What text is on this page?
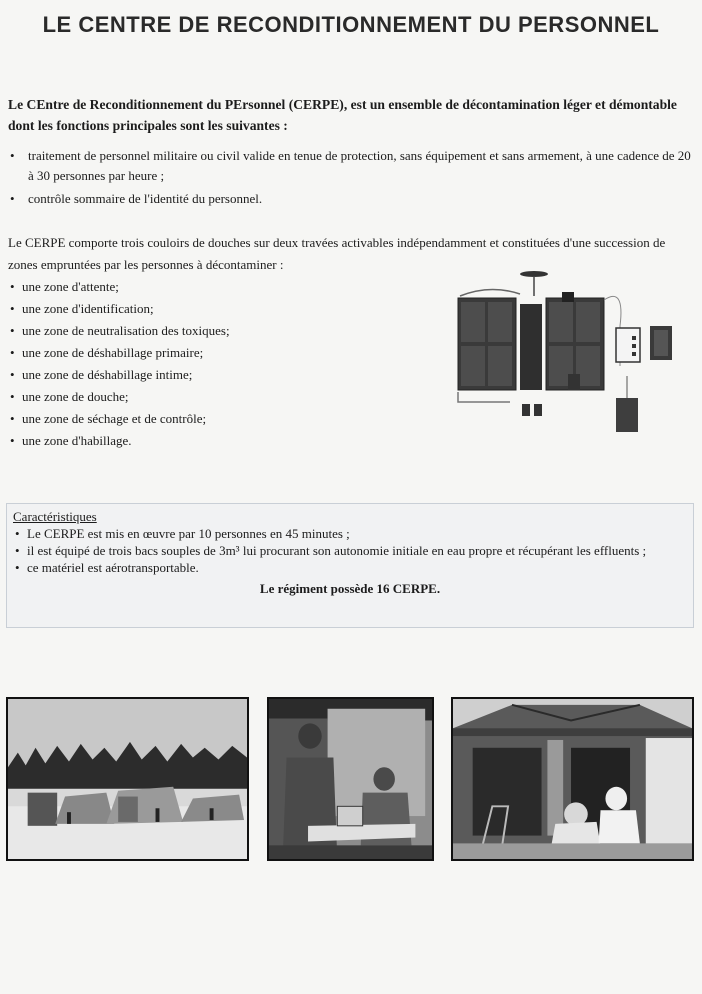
LE CENTRE DE RECONDITIONNEMENT DU PERSONNEL
Le CEntre de Reconditionnement du PErsonnel (CERPE), est un ensemble de décontamination léger et démontable dont les fonctions principales sont les suivantes :
• traitement de personnel militaire ou civil valide en tenue de protection, sans équipement et sans armement, à une cadence de 20 à 30 personnes par heure ;
• contrôle sommaire de l'identité du personnel.
Le CERPE comporte trois couloirs de douches sur deux travées activables indépendamment et constituées d'une succession de zones empruntées par les personnes à décontaminer :
• une zone d'attente;
• une zone d'identification;
• une zone de neutralisation des toxiques;
• une zone de déshabillage primaire;
• une zone de déshabillage intime;
• une zone de douche;
• une zone de séchage et de contrôle;
• une zone d'habillage.
Caractéristiques
• Le CERPE est mis en œuvre par 10 personnes en 45 minutes ;
• il est équipé de trois bacs souples de 3m³ lui procurant son autonomie initiale en eau propre et récupérant les effluents ;
• ce matériel est aérotransportable.
Le régiment possède 16 CERPE.
